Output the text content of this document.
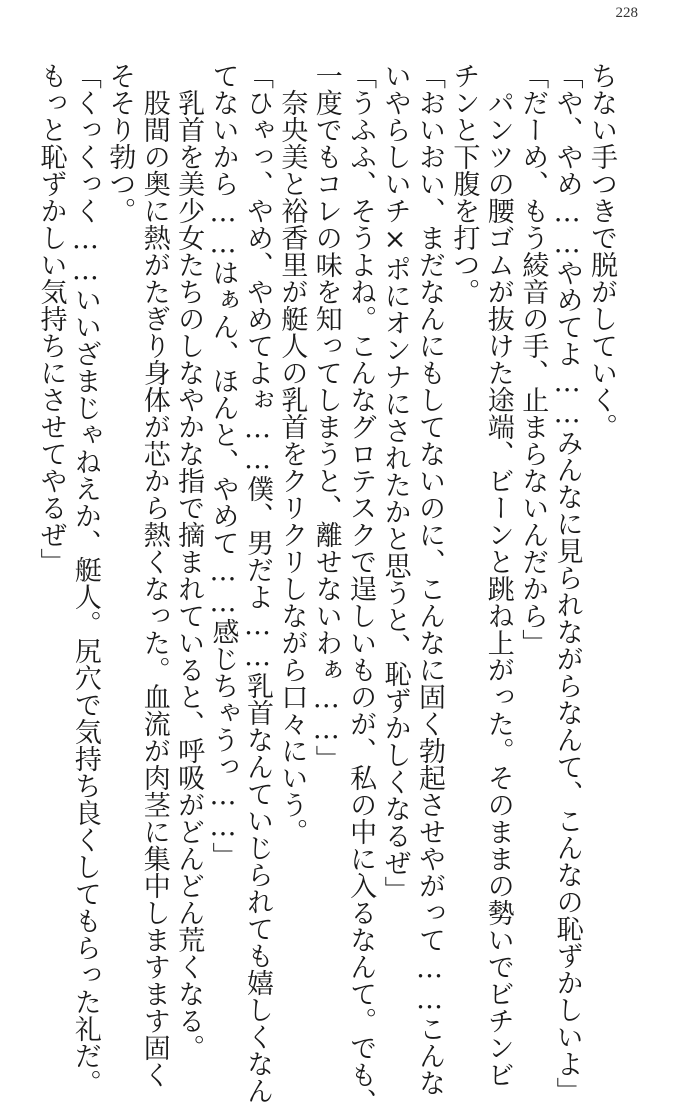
228
ちない手つきで脱がしていく。
「や、やめ……やめてよ……みんなに見られながらなんて、こんなの恥ずかしいよ」
「だーめ、もう綾音の手、止まらないんだから」
　パンツの腰ゴムが抜けた途端、ビーンと跳ね上がった。そのままの勢いでビチンビ
チンと下腹を打つ。
「おいおい、まだなんにもしてないのに、こんなに固く勃起させやがって……こんな
いやらしいチ×ポにオンナにされたかと思うと、恥ずかしくなるぜ」
「うふふ、そうよね。こんなグロテスクで逞しいものが、私の中に入るなんて。でも、
一度でもコレの味を知ってしまうと、離せないわぁ……」
　奈央美と裕香里が艇人の乳首をクリクリしながら口々にいう。
「ひゃっ、やめ、やめてよぉ……僕、男だよ……乳首なんていじられても嬉しくなん
てないから……はぁん、ほんと、やめて……感じちゃうっ……」
　乳首を美少女たちのしなやかな指で摘まれていると、呼吸がどんどん荒くなる。
　股間の奥に熱がたぎり身体が芯から熱くなった。血流が肉茎に集中しますます固く
そそり勃つ。
「くっくっく……いいざまじゃねえか、艇人。尻穴で気持ち良くしてもらった礼だ。
もっと恥ずかしい気持ちにさせてやるぜ」
